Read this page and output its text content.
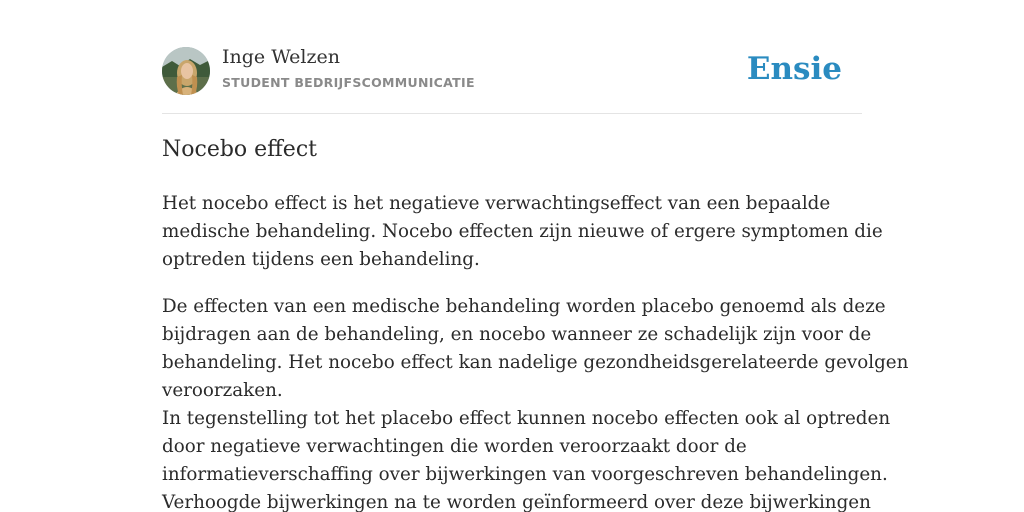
Inge Welzen
STUDENT BEDRIJFSCOMMUNICATIE	Ensie
Nocebo effect

Het nocebo effect is het negatieve verwachtingseffect van een bepaalde
medische behandeling. Nocebo effecten zijn nieuwe of ergere symptomen die
optreden tijdens een behandeling.

De effecten van een medische behandeling worden placebo genoemd als deze
bijdragen aan de behandeling, en nocebo wanneer ze schadelijk zijn voor de
behandeling. Het nocebo effect kan nadelige gezondheidsgerelateerde gevolgen
veroorzaken.
In tegenstelling tot het placebo effect kunnen nocebo effecten ook al optreden
door negatieve verwachtingen die worden veroorzaakt door de
informatieverschaffing over bijwerkingen van voorgeschreven behandelingen.
Verhoogde bijwerkingen na te worden geïnformeerd over deze bijwerkingen
